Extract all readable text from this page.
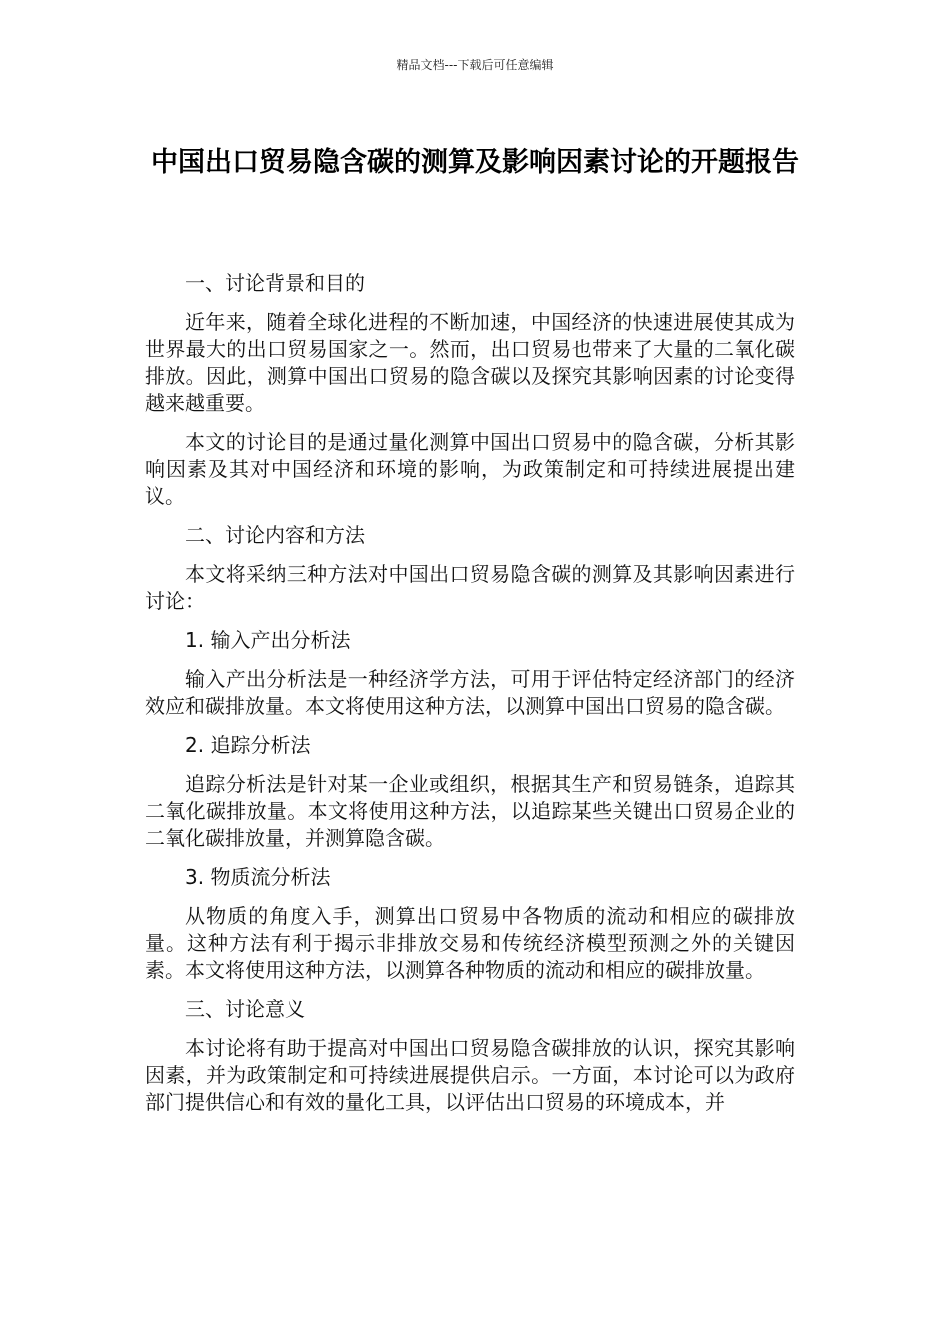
精品文档---下载后可任意编辑
中国出口贸易隐含碳的测算及影响因素讨论的开题报告
一、讨论背景和目的
近年来，随着全球化进程的不断加速，中国经济的快速进展使其成为世界最大的出口贸易国家之一。然而，出口贸易也带来了大量的二氧化碳排放。因此，测算中国出口贸易的隐含碳以及探究其影响因素的讨论变得越来越重要。
本文的讨论目的是通过量化测算中国出口贸易中的隐含碳，分析其影响因素及其对中国经济和环境的影响，为政策制定和可持续进展提出建议。
二、讨论内容和方法
本文将采纳三种方法对中国出口贸易隐含碳的测算及其影响因素进行讨论：
1. 输入产出分析法
输入产出分析法是一种经济学方法，可用于评估特定经济部门的经济效应和碳排放量。本文将使用这种方法，以测算中国出口贸易的隐含碳。
2. 追踪分析法
追踪分析法是针对某一企业或组织，根据其生产和贸易链条，追踪其二氧化碳排放量。本文将使用这种方法，以追踪某些关键出口贸易企业的二氧化碳排放量，并测算隐含碳。
3. 物质流分析法
从物质的角度入手，测算出口贸易中各物质的流动和相应的碳排放量。这种方法有利于揭示非排放交易和传统经济模型预测之外的关键因素。本文将使用这种方法，以测算各种物质的流动和相应的碳排放量。
三、讨论意义
本讨论将有助于提高对中国出口贸易隐含碳排放的认识，探究其影响因素，并为政策制定和可持续进展提供启示。一方面，本讨论可以为政府部门提供信心和有效的量化工具，以评估出口贸易的环境成本，并
